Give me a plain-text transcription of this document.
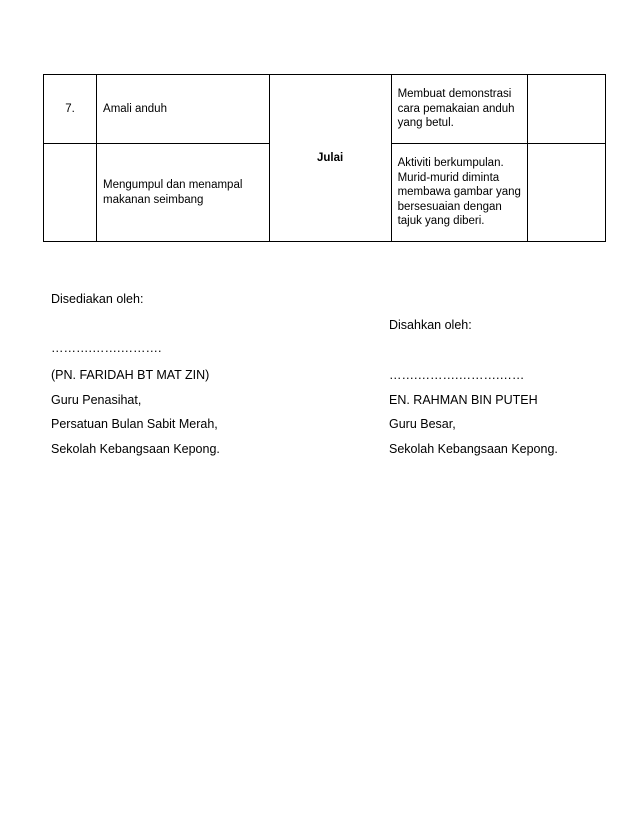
7.	Amali anduh	Julai	Membuat demonstrasi cara pemakaian anduh yang betul.	

	Mengumpul dan menampal makanan seimbang		Aktiviti berkumpulan. Murid-murid diminta membawa gambar yang bersesuaian dengan tajuk yang diberi.	

Disediakan oleh:
……….…….……….
(PN. FARIDAH BT MAT ZIN)
Guru Penasihat,
Persatuan Bulan Sabit Merah,
Sekolah Kebangsaan Kepong.
Disahkan oleh:
…….……….……….……
EN. RAHMAN BIN PUTEH
Guru Besar,
Sekolah Kebangsaan Kepong.
